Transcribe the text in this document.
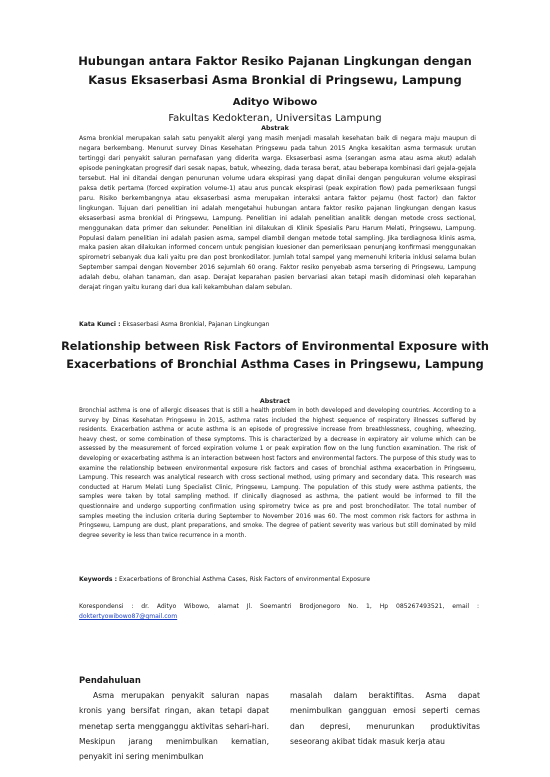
Hubungan antara Faktor Resiko Pajanan Lingkungan dengan Kasus Eksaserbasi Asma Bronkial di Pringsewu, Lampung
Adityo Wibowo
Fakultas Kedokteran, Universitas Lampung
Abstrak

Asma bronkial merupakan salah satu penyakit alergi yang masih menjadi masalah kesehatan baik di negara maju maupun di negara berkembang. Menurut survey Dinas Kesehatan Pringsewu pada tahun 2015 Angka kesakitan asma termasuk urutan tertinggi dari penyakit saluran pernafasan yang diderita warga. Eksaserbasi asma (serangan asma atau asma akut) adalah episode peningkatan progresif dari sesak napas, batuk, wheezing, dada terasa berat, atau beberapa kombinasi dari gejala-gejala tersebut. Hal ini ditandai dengan penurunan volume udara ekspirasi yang dapat dinilai dengan pengukuran volume ekspirasi paksa detik pertama (forced expiration volume-1) atau arus puncak ekspirasi (peak expiration flow) pada pemeriksaan fungsi paru. Risiko berkembangnya atau eksaserbasi asma merupakan interaksi antara faktor pejamu (host factor) dan faktor lingkungan. Tujuan dari penelitian ini adalah mengetahui hubungan antara faktor resiko pajanan lingkungan dengan kasus eksaserbasi asma bronkial di Pringsewu, Lampung. Penelitian ini adalah penelitian analitik dengan metode cross sectional, menggunakan data primer dan sekunder. Penelitian ini dilakukan di Klinik Spesialis Paru Harum Melati, Pringsewu, Lampung. Populasi dalam penelitian ini adalah pasien asma, sampel diambil dengan metode total sampling. Jika terdiagnosa klinis asma, maka pasien akan dilakukan informed concern untuk pengisian kuesioner dan pemeriksaan penunjang konfirmasi menggunakan spirometri sebanyak dua kali yaitu pre dan post bronkodilator. Jumlah total sampel yang memenuhi kriteria inklusi selama bulan September sampai dengan November 2016 sejumlah 60 orang. Faktor resiko penyebab asma tersering di Pringsewu, Lampung adalah debu, olahan tanaman, dan asap. Derajat keparahan pasien bervariasi akan tetapi masih didominasi oleh keparahan derajat ringan yaitu kurang dari dua kali kekambuhan dalam sebulan.

Kata Kunci : Eksaserbasi Asma Bronkial, Pajanan Lingkungan
Relationship between Risk Factors of Environmental Exposure with Exacerbations of Bronchial Asthma Cases in Pringsewu, Lampung
Abstract

Bronchial asthma is one of allergic diseases that is still a health problem in both developed and developing countries. According to a survey by Dinas Kesehatan Pringsewu in 2015, asthma rates included the highest sequence of respiratory illnesses suffered by residents. Exacerbation asthma or acute asthma is an episode of progressive increase from breathlessness, coughing, wheezing, heavy chest, or some combination of these symptoms. This is characterized by a decrease in expiratory air volume which can be assessed by the measurement of forced expiration volume 1 or peak expiration flow on the lung function examination. The risk of developing or exacerbating asthma is an interaction between host factors and environmental factors. The purpose of this study was to examine the relationship between environmental exposure risk factors and cases of bronchial asthma exacerbation in Pringsewu, Lampung. This research was analytical research with cross sectional method, using primary and secondary data. This research was conducted at Harum Melati Lung Specialist Clinic, Pringsewu, Lampung. The population of this study were asthma patients, the samples were taken by total sampling method. If clinically diagnosed as asthma, the patient would be informed to fill the questionnaire and undergo supporting confirmation using spirometry twice as pre and post bronchodilator. The total number of samples meeting the inclusion criteria during September to November 2016 was 60. The most common risk factors for asthma in Pringsewu, Lampung are dust, plant preparations, and smoke. The degree of patient severity was various but still dominated by mild degree severity ie less than twice recurrence in a month.

Keywords : Exacerbations of Bronchial Asthma Cases, Risk Factors of environmental Exposure

Korespondensi : dr. Adityo Wibowo, alamat Jl. Soemantri Brodjonegoro No. 1, Hp 085267493521, email : doktertyowibowo87@gmail.com

Pendahuluan

Asma merupakan penyakit saluran napas kronis yang bersifat ringan, akan tetapi dapat menetap serta mengganggu aktivitas sehari-hari. Meskipun jarang menimbulkan kematian, penyakit ini sering menimbulkan

masalah dalam beraktifitas. Asma dapat menimbulkan gangguan emosi seperti cemas dan depresi, menurunkan produktivitas seseorang akibat tidak masuk kerja atau
